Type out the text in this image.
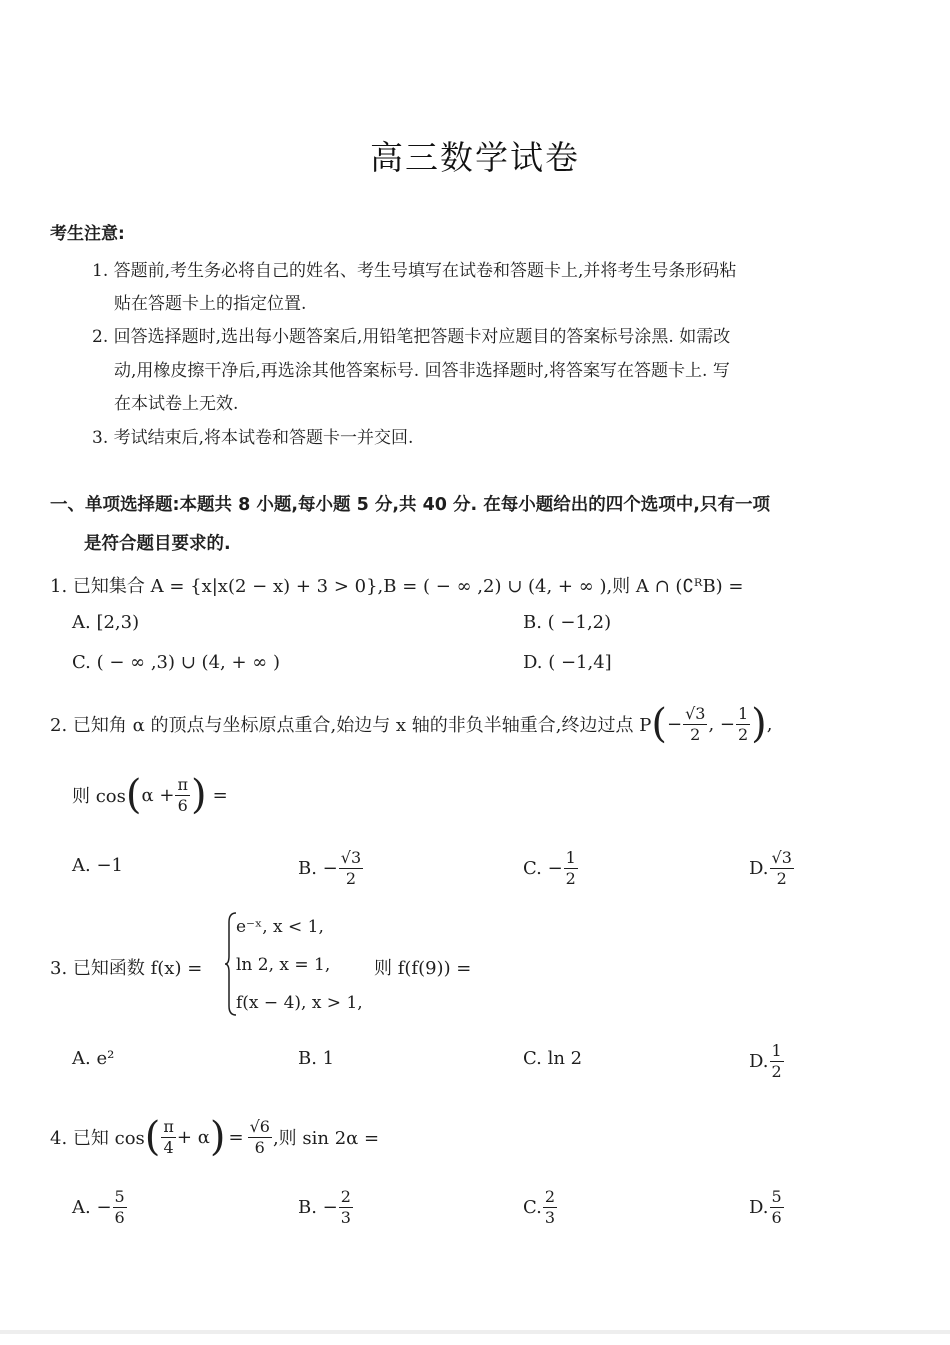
高三数学试卷
考生注意:
1. 答题前,考生务必将自己的姓名、考生号填写在试卷和答题卡上,并将考生号条形码粘
贴在答题卡上的指定位置.
2. 回答选择题时,选出每小题答案后,用铅笔把答题卡对应题目的答案标号涂黑. 如需改
动,用橡皮擦干净后,再选涂其他答案标号. 回答非选择题时,将答案写在答题卡上. 写
在本试卷上无效.
3. 考试结束后,将本试卷和答题卡一并交回.
一、单项选择题:本题共 8 小题,每小题 5 分,共 40 分. 在每小题给出的四个选项中,只有一项
是符合题目要求的.
1. 已知集合 A = {x|x(2 − x) + 3 > 0},B = ( − ∞ ,2) ∪ (4, + ∞ ),则 A ∩ (∁ᴿB) =
A. [2,3)	B. ( −1,2)
C. ( − ∞ ,3) ∪ (4, + ∞ )	D. ( −1,4]
2. 已知角 α 的顶点与坐标原点重合,始边与 x 轴的非负半轴重合,终边过点 P ( − $\frac{√3}{2}$ , − $\frac{1}{2}$ ) ,
则 cos ( $\alpha + \frac{\pi}{6}$ ) =
A. −1	B. − $\frac{√3}{2}$	C. − $\frac{1}{2}$	D. $\frac{√3}{2}$
3. 已知函数 f(x) =
e⁻ˣ, x < 1,
ln 2, x = 1,
f(x − 4), x > 1,
则 f(f(9)) =
A. e²	B. 1	C. ln 2	D. $\frac{1}{2}$
4. 已知 cos ( $\frac{\pi}{4} + \alpha$ ) = $\frac{√6}{6}$ ,则 sin 2α =
A. − $\frac{5}{6}$	B. − $\frac{2}{3}$	C. $\frac{2}{3}$	D. $\frac{5}{6}$
